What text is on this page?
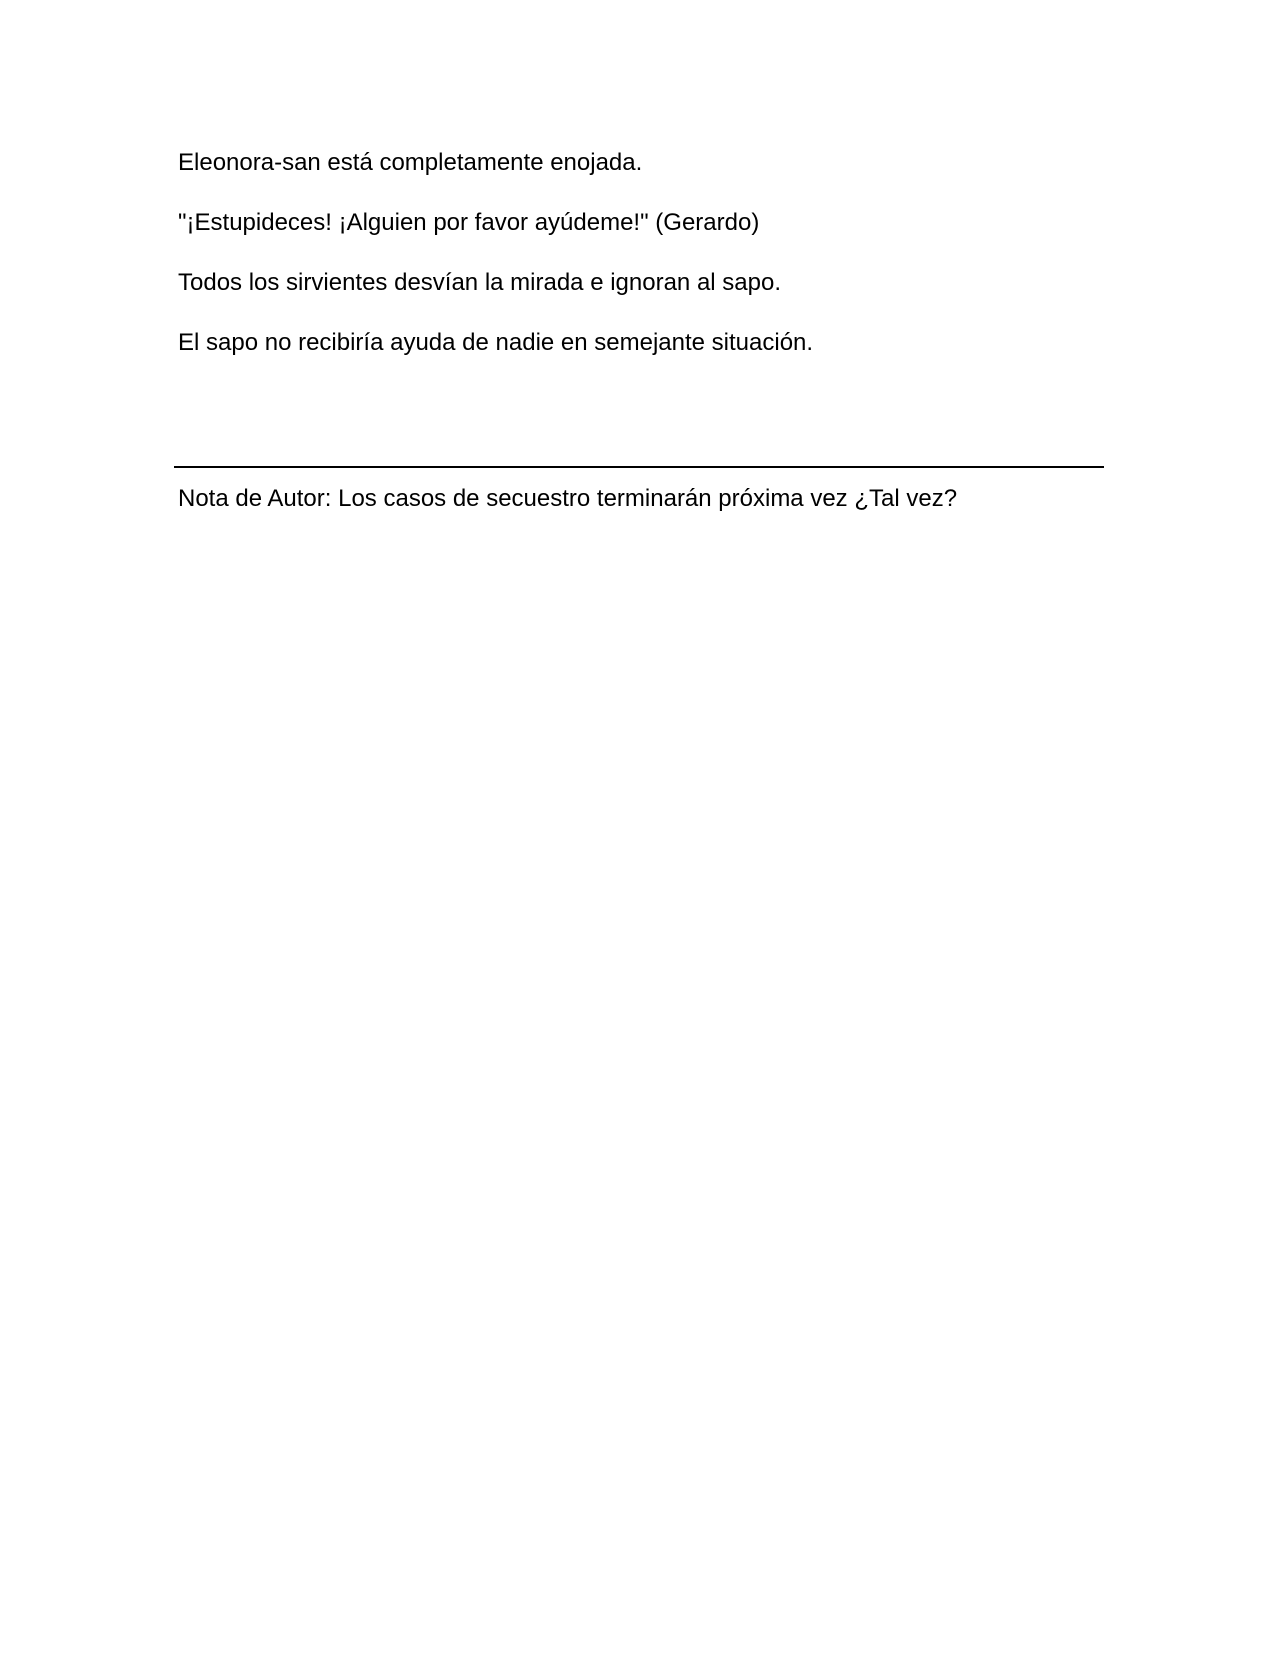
Eleonora-san está completamente enojada.

"¡Estupideces! ¡Alguien por favor ayúdeme!" (Gerardo)

Todos los sirvientes desvían la mirada e ignoran al sapo.

El sapo no recibiría ayuda de nadie en semejante situación.

Nota de Autor: Los casos de secuestro terminarán próxima vez ¿Tal vez?
